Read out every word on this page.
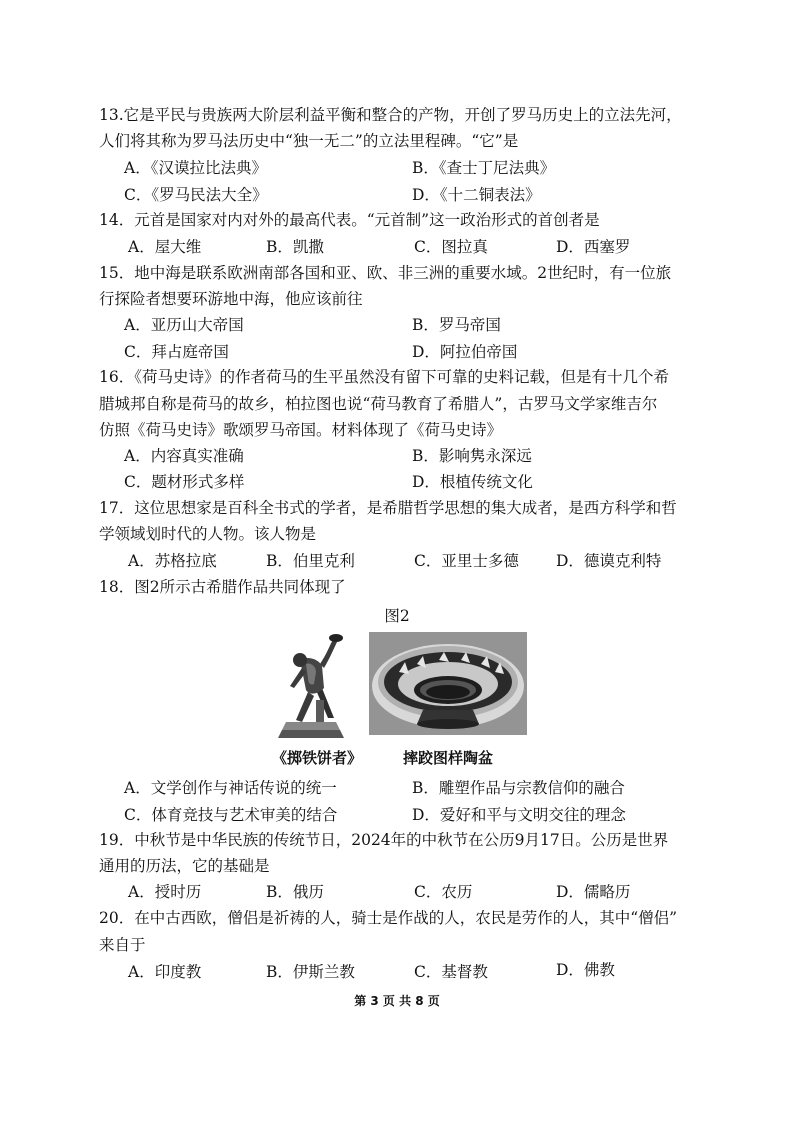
13.它是平民与贵族两大阶层利益平衡和整合的产物，开创了罗马历史上的立法先河，
人们将其称为罗马法历史中“独一无二”的立法里程碑。“它”是
A．《汉谟拉比法典》	B．《查士丁尼法典》
C．《罗马民法大全》	D．《十二铜表法》
14．元首是国家对内对外的最高代表。“元首制”这一政治形式的首创者是
A．屋大维	B．凯撒	C．图拉真	D．西塞罗
15．地中海是联系欧洲南部各国和亚、欧、非三洲的重要水域。2世纪时，有一位旅
行探险者想要环游地中海，他应该前往
A．亚历山大帝国	B．罗马帝国
C．拜占庭帝国	D．阿拉伯帝国
16．《荷马史诗》的作者荷马的生平虽然没有留下可靠的史料记载，但是有十几个希
腊城邦自称是荷马的故乡，柏拉图也说“荷马教育了希腊人”，古罗马文学家维吉尔
仿照《荷马史诗》歌颂罗马帝国。材料体现了《荷马史诗》
A．内容真实准确	B．影响隽永深远
C．题材形式多样	D．根植传统文化
17．这位思想家是百科全书式的学者，是希腊哲学思想的集大成者，是西方科学和哲
学领域划时代的人物。该人物是
A．苏格拉底	B．伯里克利	C．亚里士多德 D．德谟克利特
18．图2所示古希腊作品共同体现了
图2
《掷铁饼者》	摔跤图样陶盆
A．文学创作与神话传说的统一	B．雕塑作品与宗教信仰的融合
C．体育竞技与艺术审美的结合	D．爱好和平与文明交往的理念
19．中秋节是中华民族的传统节日，2024年的中秋节在公历9月17日。公历是世界
通用的历法，它的基础是
A．授时历	B．俄历	C．农历	D．儒略历
20．在中古西欧，僧侣是祈祷的人，骑士是作战的人，农民是劳作的人，其中“僧侣”
来自于
A．印度教	B．伊斯兰教	C．基督教	D．佛教
第 3 页 共 8 页
